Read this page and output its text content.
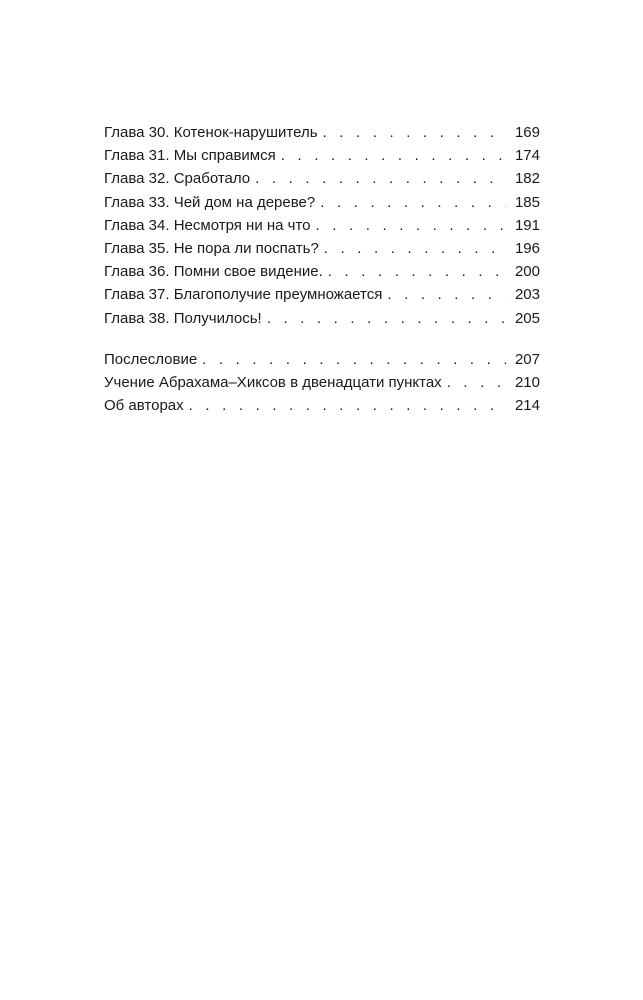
Глава 30. Котенок-нарушитель . . .	169
Глава 31. Мы справимся . . .	174
Глава 32. Сработало . . .	182
Глава 33. Чей дом на дереве? . . .	185
Глава 34. Несмотря ни на что . . .	191
Глава 35. Не пора ли поспать? . . .	196
Глава 36. Помни свое видение. . . .	200
Глава 37. Благополучие преумножается . . .	203
Глава 38. Получилось! . . .	205
Послесловие . . .	207
Учение Абрахама–Хиксов в двенадцати пунктах . . .	210
Об авторах . . .	214
